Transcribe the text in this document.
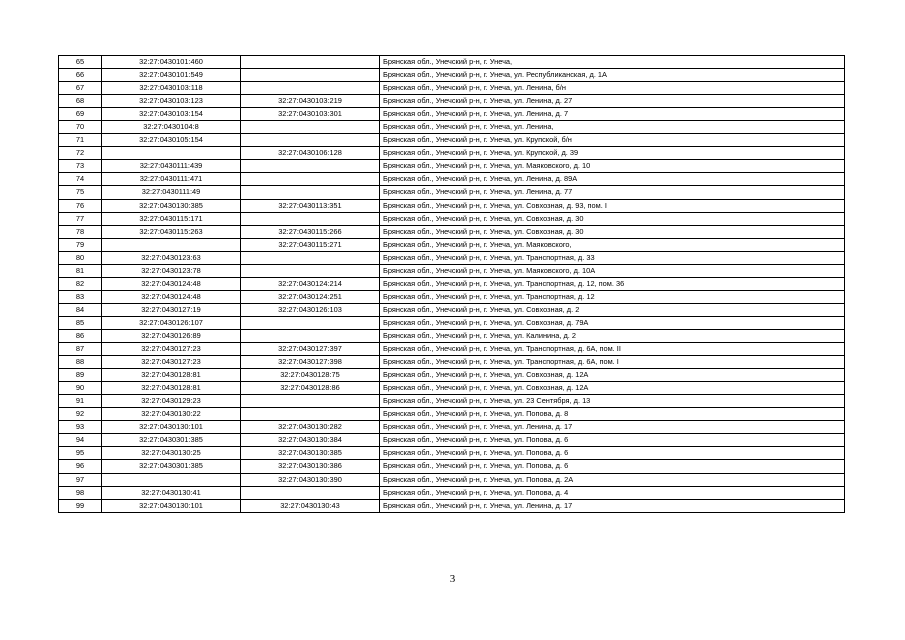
65	32:27:0430101:460		Брянская обл., Унечский р-н, г. Унеча,
66	32:27:0430101:549		Брянская обл., Унечский р-н, г. Унеча, ул. Республиканская, д. 1А
67	32:27:0430103:118		Брянская обл., Унечский р-н, г. Унеча, ул. Ленина, б/н
68	32:27:0430103:123	32:27:0430103:219	Брянская обл., Унечский р-н, г. Унеча, ул. Ленина, д. 27
69	32:27:0430103:154	32:27:0430103:301	Брянская обл., Унечский р-н, г. Унеча, ул. Ленина, д. 7
70	32:27:0430104:8		Брянская обл., Унечский р-н, г. Унеча, ул. Ленина,
71	32:27:0430105:154		Брянская обл., Унечский р-н, г. Унеча, ул. Крупской, б/н
72		32:27:0430106:128	Брянская обл., Унечский р-н, г. Унеча, ул. Крупской, д. 39
73	32:27:0430111:439		Брянская обл., Унечский р-н, г. Унеча, ул. Маяковского, д. 10
74	32:27:0430111:471		Брянская обл., Унечский р-н, г. Унеча, ул. Ленина, д. 89А
75	32:27:0430111:49		Брянская обл., Унечский р-н, г. Унеча, ул. Ленина, д. 77
76	32:27:0430130:385	32:27:0430113:351	Брянская обл., Унечский р-н, г. Унеча, ул. Совхозная, д. 93, пом. I
77	32:27:0430115:171		Брянская обл., Унечский р-н, г. Унеча, ул. Совхозная, д. 30
78	32:27:0430115:263	32:27:0430115:266	Брянская обл., Унечский р-н, г. Унеча, ул. Совхозная, д. 30
79		32:27:0430115:271	Брянская обл., Унечский р-н, г. Унеча, ул. Маяковского,
80	32:27:0430123:63		Брянская обл., Унечский р-н, г. Унеча, ул. Транспортная, д. 33
81	32:27:0430123:78		Брянская обл., Унечский р-н, г. Унеча, ул. Маяковского, д. 10А
82	32:27:0430124:48	32:27:0430124:214	Брянская обл., Унечский р-н, г. Унеча, ул. Транспортная, д. 12, пом. 36
83	32:27:0430124:48	32:27:0430124:251	Брянская обл., Унечский р-н, г. Унеча, ул. Транспортная, д. 12
84	32:27:0430127:19	32:27:0430126:103	Брянская обл., Унечский р-н, г. Унеча, ул. Совхозная, д. 2
85	32:27:0430126:107		Брянская обл., Унечский р-н, г. Унеча, ул. Совхозная, д. 79А
86	32:27:0430126:89		Брянская обл., Унечский р-н, г. Унеча, ул. Калинина, д. 2
87	32:27:0430127:23	32:27:0430127:397	Брянская обл., Унечский р-н, г. Унеча, ул. Транспортная, д. 6А, пом. II
88	32:27:0430127:23	32:27:0430127:398	Брянская обл., Унечский р-н, г. Унеча, ул. Транспортная, д. 6А, пом. I
89	32:27:0430128:81	32:27:0430128:75	Брянская обл., Унечский р-н, г. Унеча, ул. Совхозная, д. 12А
90	32:27:0430128:81	32:27:0430128:86	Брянская обл., Унечский р-н, г. Унеча, ул. Совхозная, д. 12А
91	32:27:0430129:23		Брянская обл., Унечский р-н, г. Унеча, ул. 23 Сентября, д. 13
92	32:27:0430130:22		Брянская обл., Унечский р-н, г. Унеча, ул. Попова, д. 8
93	32:27:0430130:101	32:27:0430130:282	Брянская обл., Унечский р-н, г. Унеча, ул. Ленина, д. 17
94	32:27:0430301:385	32:27:0430130:384	Брянская обл., Унечский р-н, г. Унеча, ул. Попова, д. 6
95	32:27:0430130:25	32:27:0430130:385	Брянская обл., Унечский р-н, г. Унеча, ул. Попова, д. 6
96	32:27:0430301:385	32:27:0430130:386	Брянская обл., Унечский р-н, г. Унеча, ул. Попова, д. 6
97		32:27:0430130:390	Брянская обл., Унечский р-н, г. Унеча, ул. Попова, д. 2А
98	32:27:0430130:41		Брянская обл., Унечский р-н, г. Унеча, ул. Попова, д. 4
99	32:27:0430130:101	32:27:0430130:43	Брянская обл., Унечский р-н, г. Унеча, ул. Ленина, д. 17
3
